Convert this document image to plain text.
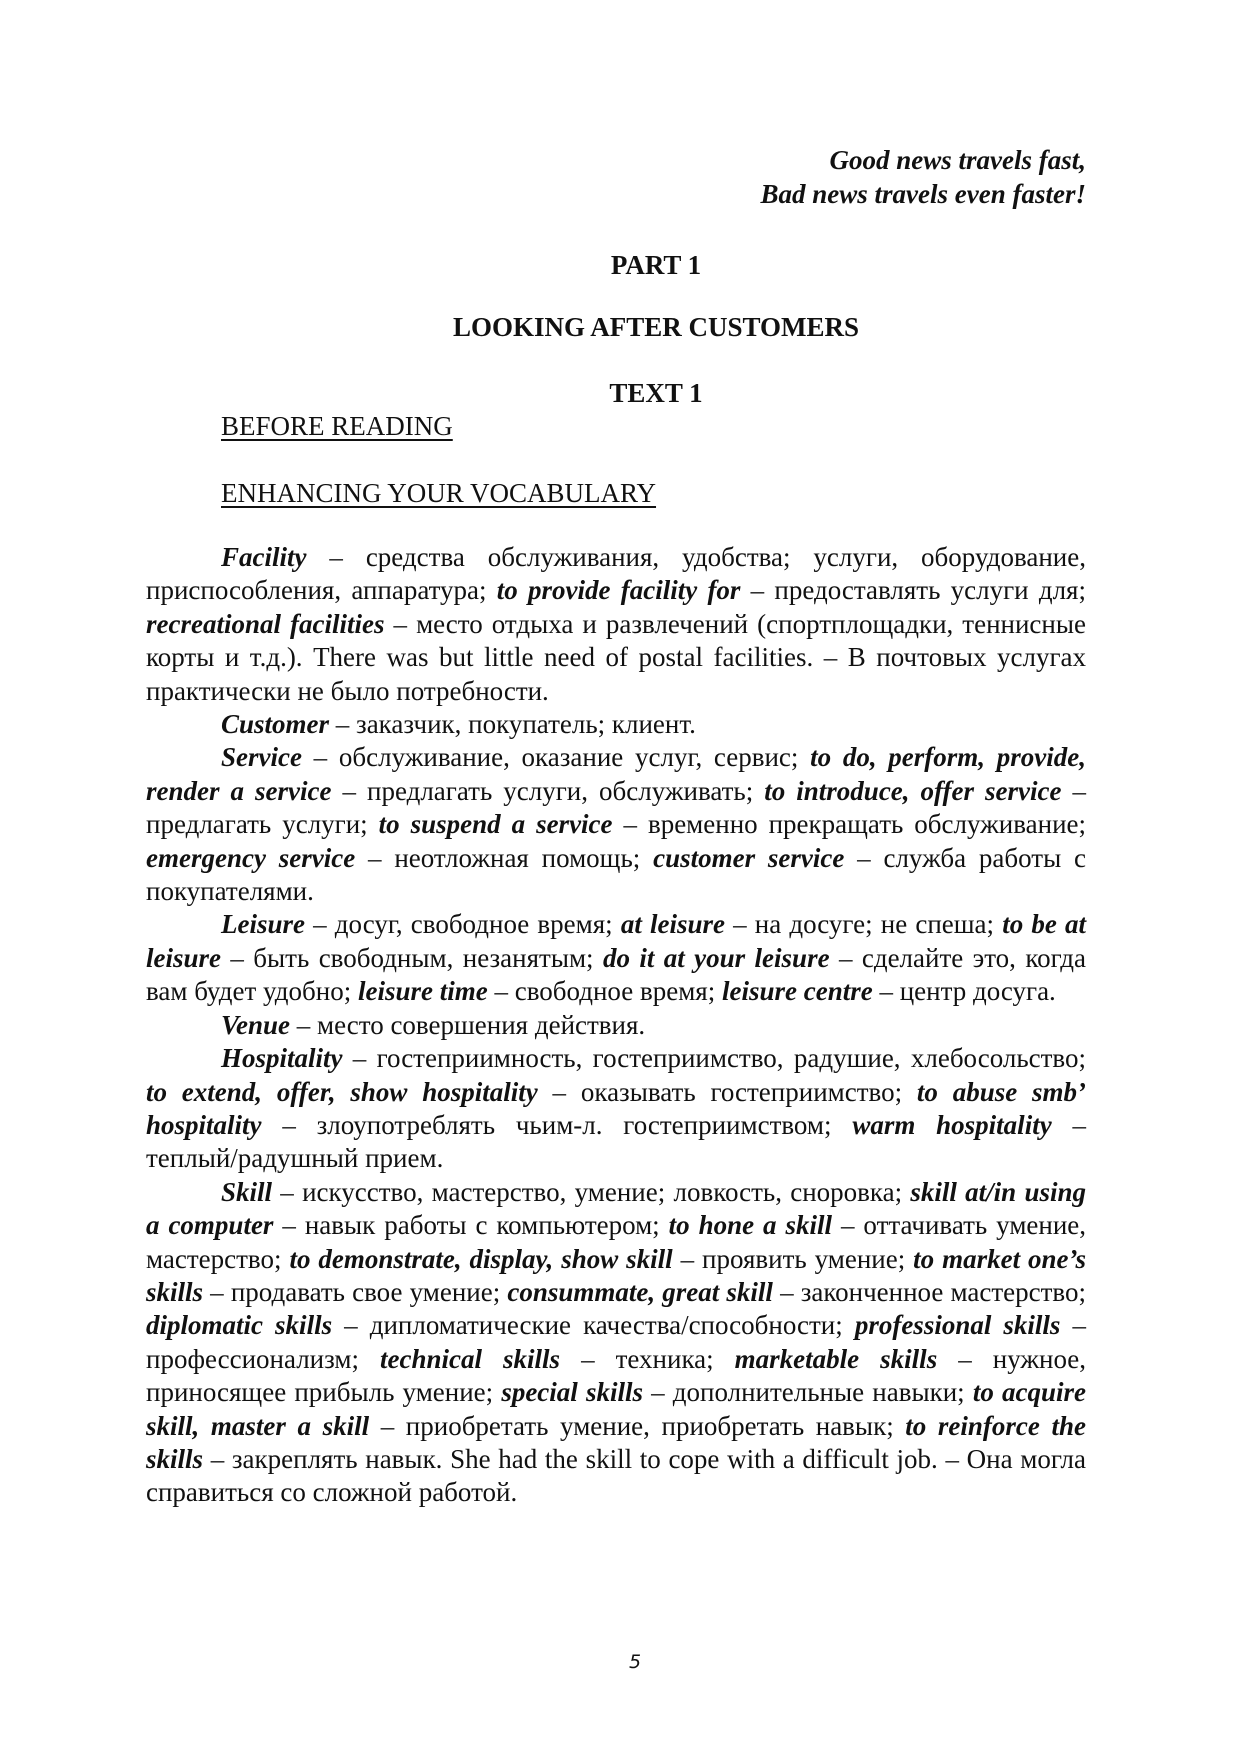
Good news travels fast,
Bad news travels even faster!
PART 1
LOOKING AFTER CUSTOMERS
TEXT 1
BEFORE READING
ENHANCING YOUR VOCABULARY

Facility – средства обслуживания, удобства; услуги, оборудование, приспособления, аппаратура; to provide facility for – предоставлять услуги для; recreational facilities – место отдыха и развлечений (спортплощадки, теннисные корты и т.д.). There was but little need of postal facilities. – В почтовых услугах практически не было потребности.

Customer – заказчик, покупатель; клиент.

Service – обслуживание, оказание услуг, сервис; to do, perform, provide, render a service – предлагать услуги, обслуживать; to introduce, offer service – предлагать услуги; to suspend a service – временно прекращать обслуживание; emergency service – неотложная помощь; customer service – служба работы с покупателями.

Leisure – досуг, свободное время; at leisure – на досуге; не спеша; to be at leisure – быть свободным, незанятым; do it at your leisure – сделайте это, когда вам будет удобно; leisure time – свободное время; leisure centre – центр досуга.

Venue – место совершения действия.

Hospitality – гостеприимность, гостеприимство, радушие, хлебосольство; to extend, offer, show hospitality – оказывать гостеприимство; to abuse smb’ hospitality – злоупотреблять чьим-л. гостеприимством; warm hospitality – теплый/радушный прием.

Skill – искусство, мастерство, умение; ловкость, сноровка; skill at/in using a computer – навык работы с компьютером; to hone a skill – оттачивать умение, мастерство; to demonstrate, display, show skill – проявить умение; to market one’s skills – продавать свое умение; consummate, great skill – законченное мастерство; diplomatic skills – дипломатические качества/способности; professional skills – профессионализм; technical skills – техника; marketable skills – нужное, приносящее прибыль умение; special skills – дополнительные навыки; to acquire skill, master a skill – приобретать умение, приобретать навык; to reinforce the skills – закреплять навык. She had the skill to cope with a difficult job. – Она могла справиться со сложной работой.

5
